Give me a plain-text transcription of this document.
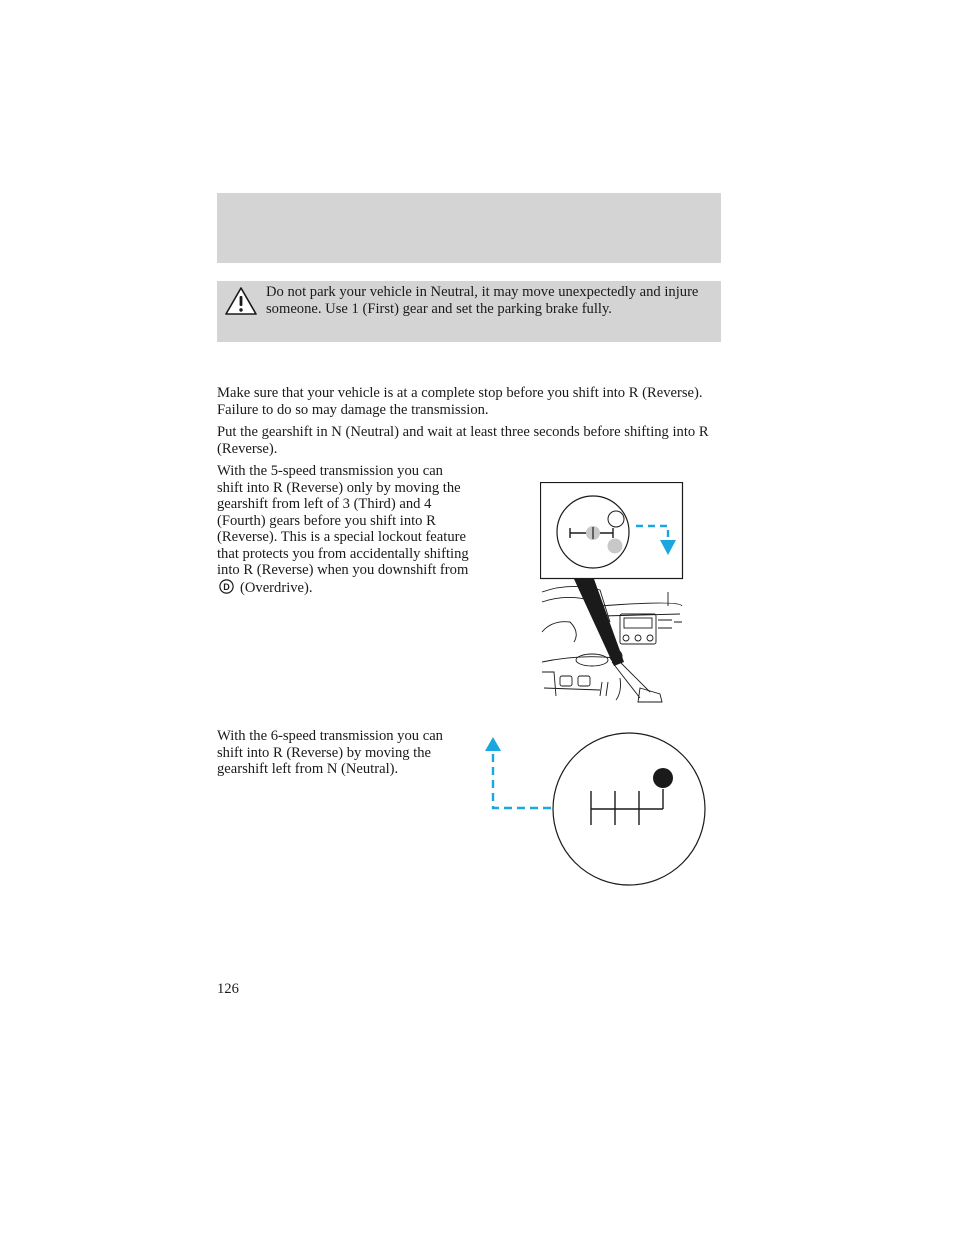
Do not park your vehicle in Neutral, it may move unexpectedly and injure someone. Use 1 (First) gear and set the parking brake fully.

Make sure that your vehicle is at a complete stop before you shift into R (Reverse). Failure to do so may damage the transmission.

Put the gearshift in N (Neutral) and wait at least three seconds before shifting into R (Reverse).

With the 5-speed transmission you can shift into R (Reverse) only by moving the gearshift from left of 3 (Third) and 4 (Fourth) gears before you shift into R (Reverse). This is a special lockout feature that protects you from accidentally shifting into R (Reverse) when you downshift from
D (Overdrive).

With the 6-speed transmission you can shift into R (Reverse) by moving the gearshift left from N (Neutral).

126
